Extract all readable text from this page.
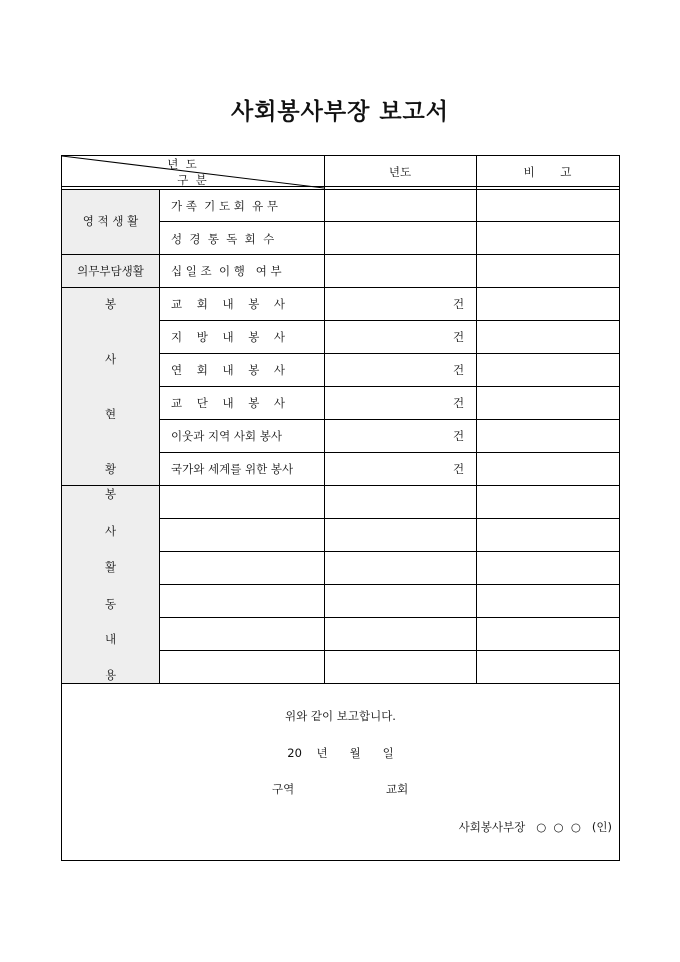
사회봉사부장 보고서
년  도
구  분
년도	비       고
영 적 생 활
의무부담생활
봉
사
현
황
봉
사
활
동
내
용
가 족  기 도 회  유 무
성  경  통  독  회  수
십 일 조  이 행   여 부
교    회    내    봉    사
지    방    내    봉    사
연    회    내    봉    사
교    단    내    봉    사
이웃과 지역 사회 봉사
국가와 세계를 위한 봉사
건
건
건
건
건
건
위와 같이 보고합니다.
20    년      월      일
구역	교회
사회봉사부장   ○  ○  ○   (인)
